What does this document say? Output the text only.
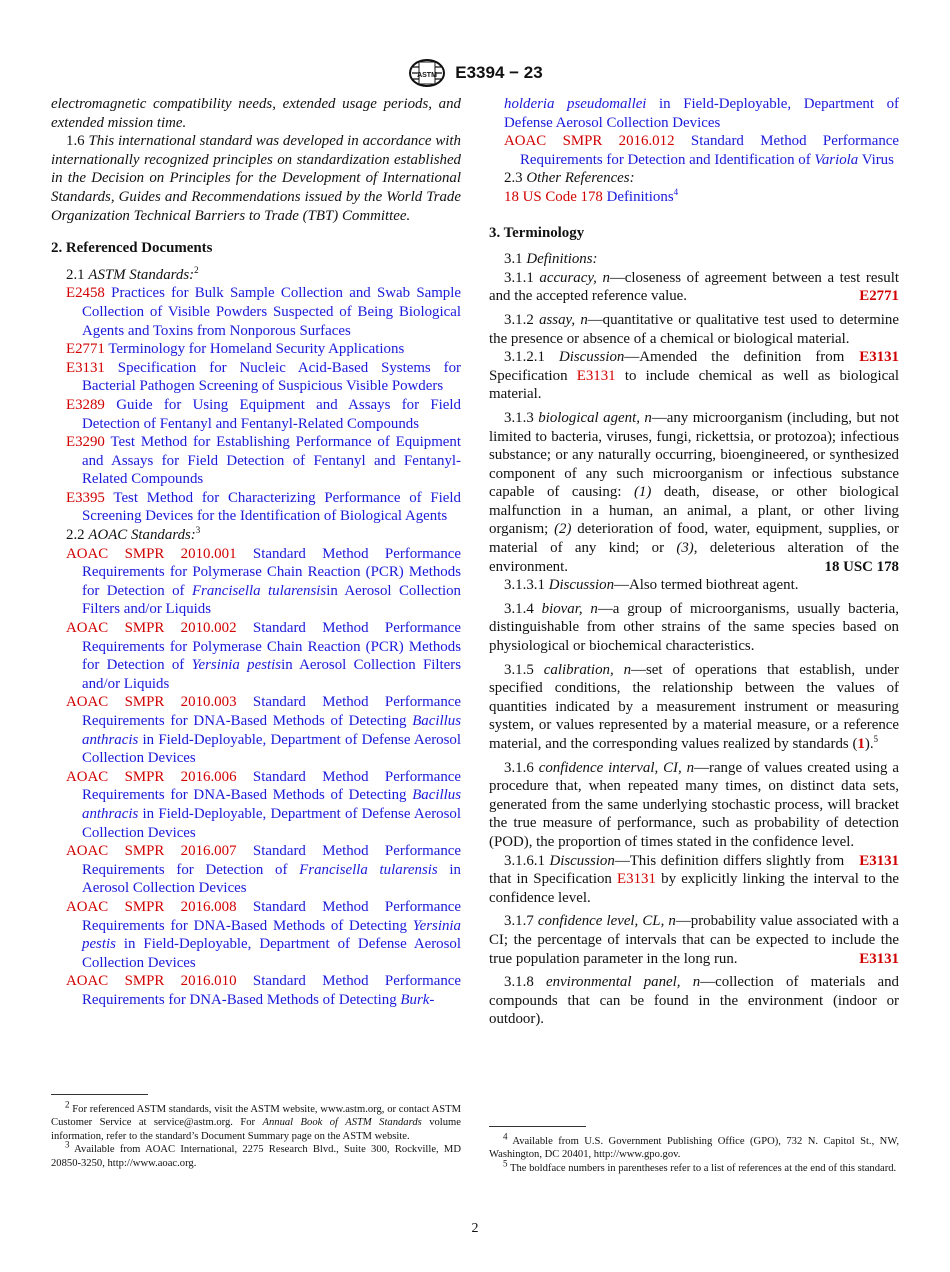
ASTM E3394 − 23

electromagnetic compatibility needs, extended usage periods, and extended mission time.

1.6 This international standard was developed in accordance with internationally recognized principles on standardization established in the Decision on Principles for the Development of International Standards, Guides and Recommendations issued by the World Trade Organization Technical Barriers to Trade (TBT) Committee.

2. Referenced Documents

2.1 ASTM Standards:$^2$

E2458 Practices for Bulk Sample Collection and Swab Sample Collection of Visible Powders Suspected of Being Biological Agents and Toxins from Nonporous Surfaces

E2771 Terminology for Homeland Security Applications

E3131 Specification for Nucleic Acid-Based Systems for Bacterial Pathogen Screening of Suspicious Visible Powders

E3289 Guide for Using Equipment and Assays for Field Detection of Fentanyl and Fentanyl-Related Compounds

E3290 Test Method for Establishing Performance of Equipment and Assays for Field Detection of Fentanyl and Fentanyl-Related Compounds

E3395 Test Method for Characterizing Performance of Field Screening Devices for the Identification of Biological Agents

2.2 AOAC Standards:$^3$

AOAC SMPR 2010.001 Standard Method Performance Requirements for Polymerase Chain Reaction (PCR) Methods for Detection of Francisella tularensisin Aerosol Collection Filters and/or Liquids

AOAC SMPR 2010.002 Standard Method Performance Requirements for Polymerase Chain Reaction (PCR) Methods for Detection of Yersinia pestisin Aerosol Collection Filters and/or Liquids

AOAC SMPR 2010.003 Standard Method Performance Requirements for DNA-Based Methods of Detecting Bacillus anthracis in Field-Deployable, Department of Defense Aerosol Collection Devices

AOAC SMPR 2016.006 Standard Method Performance Requirements for DNA-Based Methods of Detecting Bacillus anthracis in Field-Deployable, Department of Defense Aerosol Collection Devices

AOAC SMPR 2016.007 Standard Method Performance Requirements for Detection of Francisella tularensis in Aerosol Collection Devices

AOAC SMPR 2016.008 Standard Method Performance Requirements for DNA-Based Methods of Detecting Yersinia pestis in Field-Deployable, Department of Defense Aerosol Collection Devices

AOAC SMPR 2016.010 Standard Method Performance Requirements for DNA-Based Methods of Detecting Burk-

$^2$ For referenced ASTM standards, visit the ASTM website, www.astm.org, or contact ASTM Customer Service at service@astm.org. For Annual Book of ASTM Standards volume information, refer to the standard’s Document Summary page on the ASTM website.

$^3$ Available from AOAC International, 2275 Research Blvd., Suite 300, Rockville, MD 20850-3250, http://www.aoac.org.

holderia pseudomallei in Field-Deployable, Department of Defense Aerosol Collection Devices

AOAC SMPR 2016.012 Standard Method Performance Requirements for Detection and Identification of Variola Virus

2.3 Other References:

18 US Code 178 Definitions$^4$

3. Terminology

3.1 Definitions:

3.1.1 accuracy, n—closeness of agreement between a test result and the accepted reference value.	E2771

3.1.2 assay, n—quantitative or qualitative test used to determine the presence or absence of a chemical or biological material.
E3131

3.1.2.1 Discussion—Amended the definition from Specification E3131 to include chemical as well as biological material.

3.1.3 biological agent, n—any microorganism (including, but not limited to bacteria, viruses, fungi, rickettsia, or protozoa); infectious substance; or any naturally occurring, bioengineered, or synthesized component of any such microorganism or infectious substance capable of causing: (1) death, disease, or other biological malfunction in a human, an animal, a plant, or other living organism; (2) deterioration of food, water, equipment, supplies, or material of any kind; or (3), deleterious alteration of the environment.	18 USC 178

3.1.3.1 Discussion—Also termed biothreat agent.

3.1.4 biovar, n—a group of microorganisms, usually bacteria, distinguishable from other strains of the same species based on physiological or biochemical characteristics.

3.1.5 calibration, n—set of operations that establish, under specified conditions, the relationship between the values of quantities indicated by a measurement instrument or measuring system, or values represented by a material measure, or a reference material, and the corresponding values realized by standards (1).$^5$

3.1.6 confidence interval, CI, n—range of values created using a procedure that, when repeated many times, on distinct data sets, generated from the same underlying stochastic process, will bracket the true measure of performance, such as probability of detection (POD), the proportion of times stated in the confidence level.
E3131

3.1.6.1 Discussion—This definition differs slightly from that in Specification E3131 by explicitly linking the interval to the confidence level.

3.1.7 confidence level, CL, n—probability value associated with a CI; the percentage of intervals that can be expected to include the true population parameter in the long run.	E3131

3.1.8 environmental panel, n—collection of materials and compounds that can be found in the environment (indoor or outdoor).

$^4$ Available from U.S. Government Publishing Office (GPO), 732 N. Capitol St., NW, Washington, DC 20401, http://www.gpo.gov.

$^5$ The boldface numbers in parentheses refer to a list of references at the end of this standard.

2
